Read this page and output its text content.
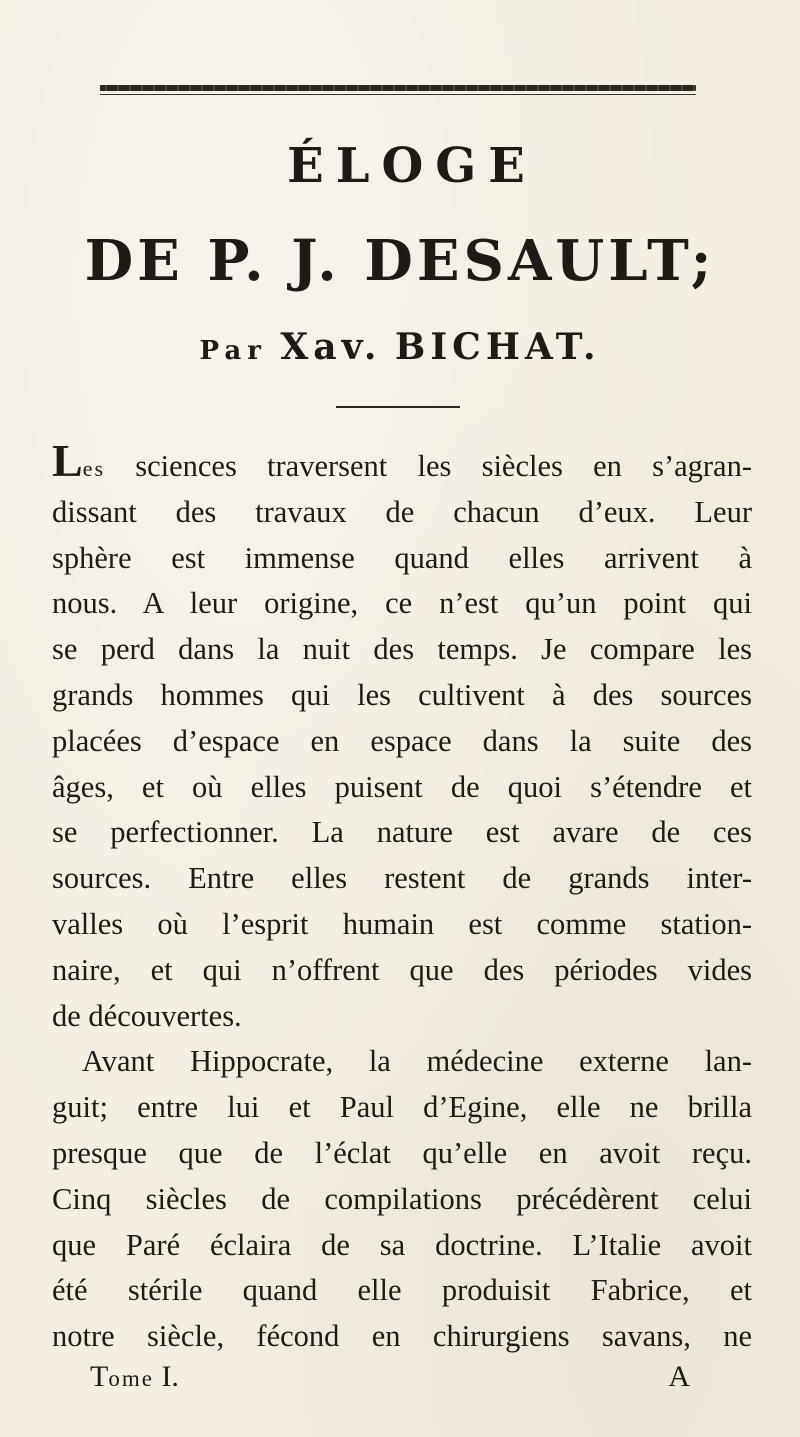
ÉLOGE
DE P. J. DESAULT;
Par Xav. BICHAT.
Les sciences traversent les siècles en s’agran-
dissant des travaux de chacun d’eux. Leur
sphère est immense quand elles arrivent à
nous. A leur origine, ce n’est qu’un point qui
se perd dans la nuit des temps. Je compare les
grands hommes qui les cultivent à des sources
placées d’espace en espace dans la suite des
âges, et où elles puisent de quoi s’étendre et
se perfectionner. La nature est avare de ces
sources. Entre elles restent de grands inter-
valles où l’esprit humain est comme station-
naire, et qui n’offrent que des périodes vides
de découvertes.
Avant Hippocrate, la médecine externe lan-
guit; entre lui et Paul d’Egine, elle ne brilla
presque que de l’éclat qu’elle en avoit reçu.
Cinq siècles de compilations précédèrent celui
que Paré éclaira de sa doctrine. L’Italie avoit
été stérile quand elle produisit Fabrice, et
notre siècle, fécond en chirurgiens savans, ne
Tome I.	A
